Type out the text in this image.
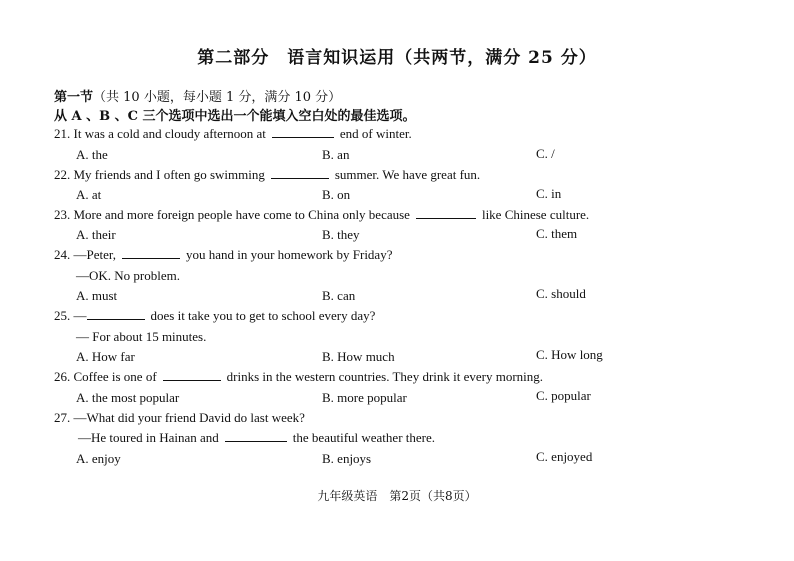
第二部分　语言知识运用（共两节，满分 25 分）
第一节（共 10 小题，每小题 1 分，满分 10 分）
从 A 、B 、C 三个选项中选出一个能填入空白处的最佳选项。
21. It was a cold and cloudy afternoon at	end of winter.
A. the	B. an	C. /
22. My friends and I often go swimming	summer. We have great fun.
A. at	B. on	C. in
23. More and more foreign people have come to China only because	like Chinese culture.
A. their	B. they	C. them
24. —Peter,	you hand in your homework by Friday?
—OK. No problem.
A. must	B. can	C. should
25. —	does it take you to get to school every day?
— For about 15 minutes.
A. How far	B. How much	C. How long
26. Coffee is one of	drinks in the western countries. They drink it every morning.
A. the most popular	B. more popular	C. popular
27. —What did your friend David do last week?
—He toured in Hainan and	the beautiful weather there.
A. enjoy	B. enjoys	C. enjoyed
九年级英语　第2页（共8页）
